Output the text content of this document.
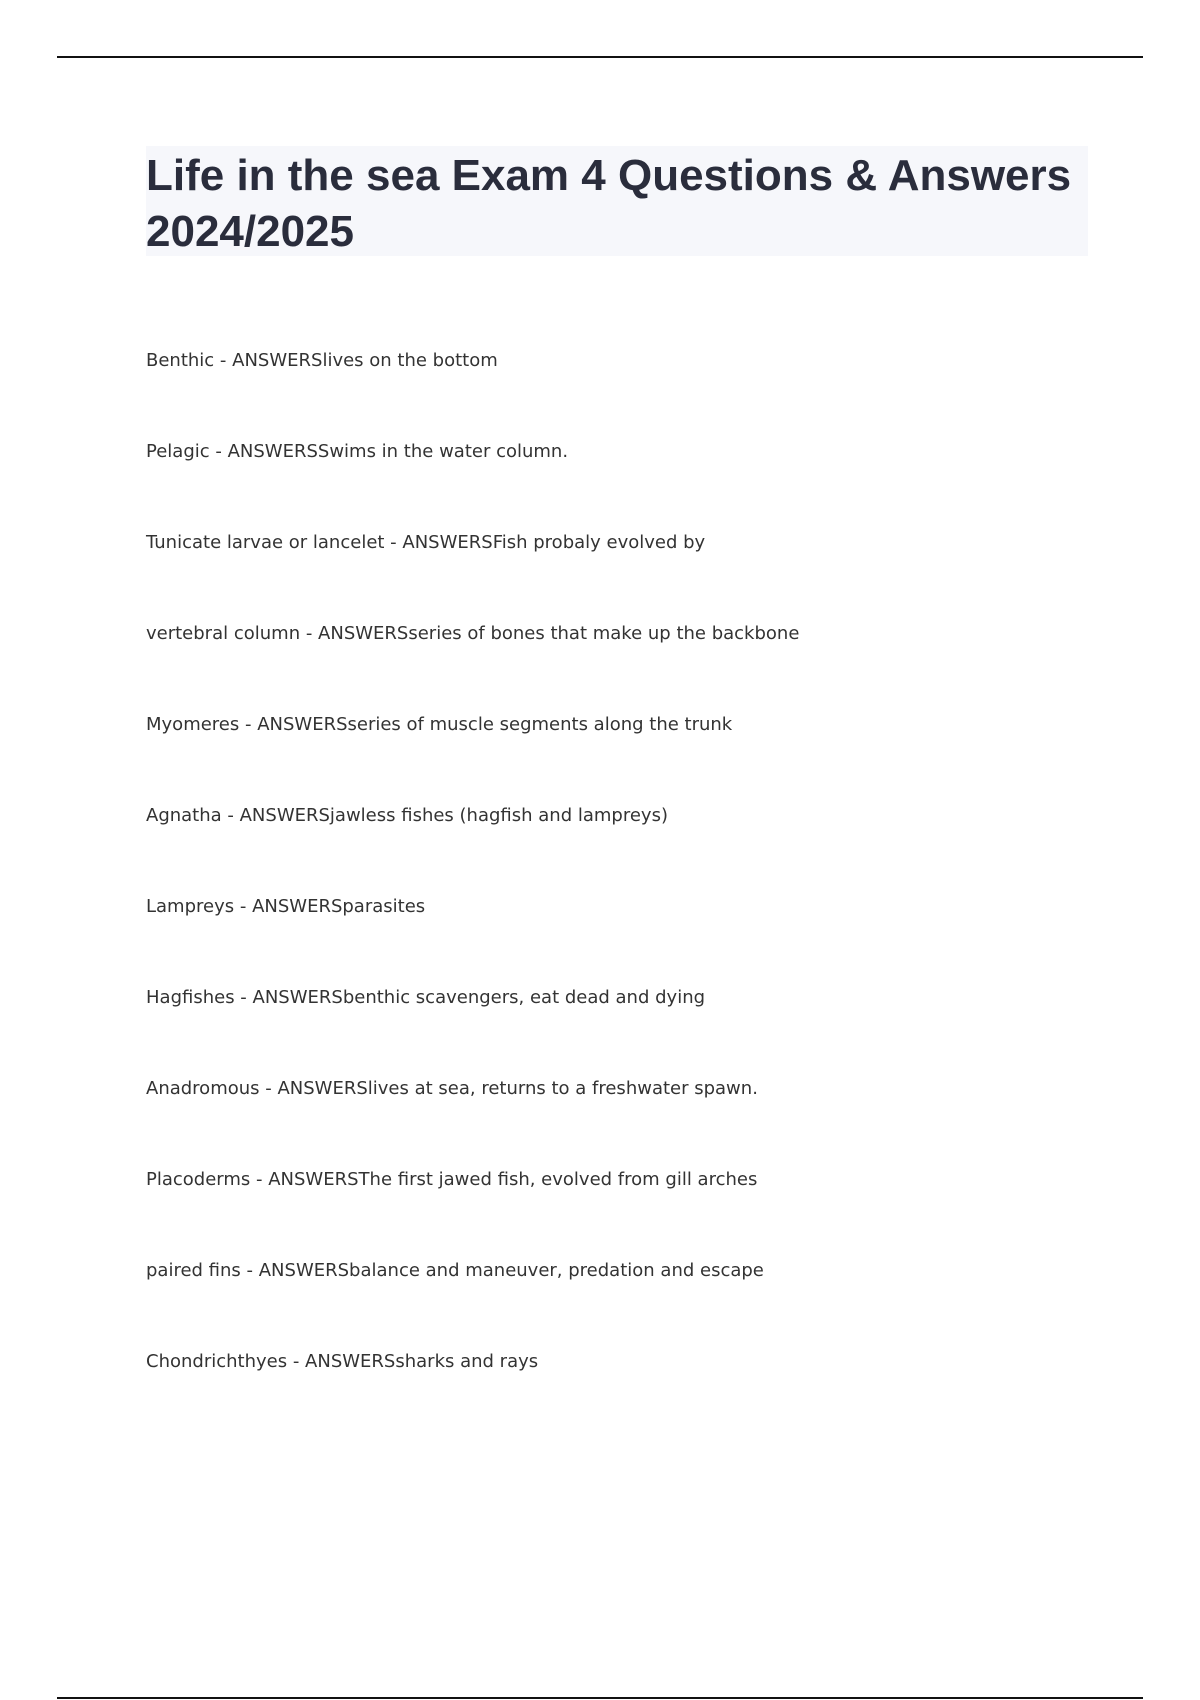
Life in the sea Exam 4 Questions & Answers 2024/2025
Benthic - ANSWERSlives on the bottom
Pelagic - ANSWERSSwims in the water column.
Tunicate larvae or lancelet - ANSWERSFish probaly evolved by
vertebral column - ANSWERSseries of bones that make up the backbone
Myomeres - ANSWERSseries of muscle segments along the trunk
Agnatha - ANSWERSjawless fishes (hagfish and lampreys)
Lampreys - ANSWERSparasites
Hagfishes - ANSWERSbenthic scavengers, eat dead and dying
Anadromous - ANSWERSlives at sea, returns to a freshwater spawn.
Placoderms - ANSWERSThe first jawed fish, evolved from gill arches
paired fins - ANSWERSbalance and maneuver, predation and escape
Chondrichthyes - ANSWERSsharks and rays
